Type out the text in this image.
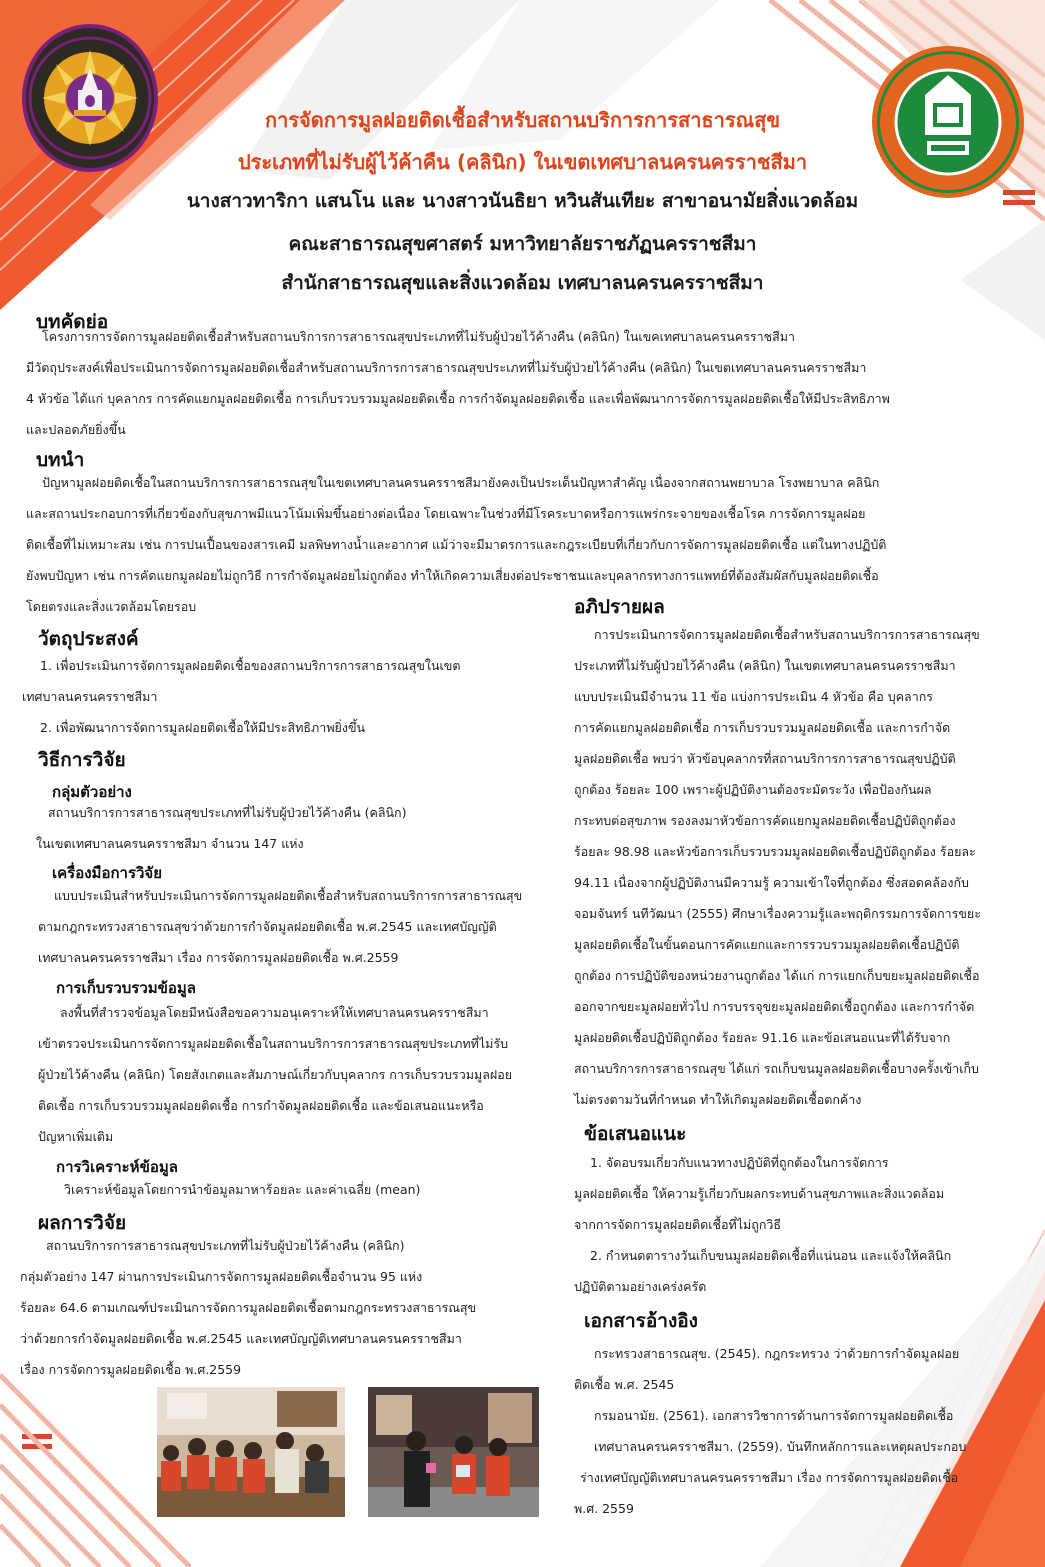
การจัดการมูลฝอยติดเชื้อสำหรับสถานบริการการสาธารณสุข
ประเภทที่ไม่รับผู้ไว้ค้าคืน (คลินิก) ในเขตเทศบาลนครนครราชสีมา
นางสาวทาริกา แสนโน และ นางสาวนันธิยา หวินสันเทียะ สาขาอนามัยสิ่งแวดล้อม
คณะสาธารณสุขศาสตร์ มหาวิทยาลัยราชภัฏนครราชสีมา
สำนักสาธารณสุขและสิ่งแวดล้อม เทศบาลนครนครราชสีมา
บทคัดย่อ
โครงการการจัดการมูลฝอยติดเชื้อสำหรับสถานบริการการสาธารณสุขประเภทที่ไม่รับผู้ป่วยไว้ค้างคืน (คลินิก) ในเขคเทศบาลนครนครราชสีมา
มีวัตถุประสงค์เพื่อประเมินการจัดการมูลฝอยติดเชื้อสำหรับสถานบริการการสาธารณสุขประเภทที่ไม่รับผู้ป่วยไว้ค้างคืน (คลินิก) ในเขตเทศบาลนครนครราชสีมา
4 หัวข้อ ได้แก่ บุคลากร การคัดแยกมูลฝอยติดเชื้อ การเก็บรวบรวมมูลฝอยติดเชื้อ การกำจัดมูลฝอยติดเชื้อ และเพื่อพัฒนาการจัดการมูลฝอยติดเชื้อให้มีประสิทธิภาพ
และปลอดภัยยิ่งขึ้น
บทนำ
ปัญหามูลฝอยติดเชื้อในสถานบริการการสาธารณสุขในเขตเทศบาลนครนครราชสีมายังคงเป็นประเด็นปัญหาสำคัญ เนื่องจากสถานพยาบาล โรงพยาบาล คลินิก
และสถานประกอบการที่เกี่ยวข้องกับสุขภาพมีแนวโน้มเพิ่มขึ้นอย่างต่อเนื่อง โดยเฉพาะในช่วงที่มีโรคระบาดหรือการแพร่กระจายของเชื้อโรค การจัดการมูลฝอย
ติดเชื้อที่ไม่เหมาะสม เช่น การปนเปื้อนของสารเคมี มลพิษทางน้ำและอากาศ แม้ว่าจะมีมาตรการและกฎระเบียบที่เกี่ยวกับการจัดการมูลฝอยติดเชื้อ แต่ในทางปฏิบัติ
ยังพบปัญหา เช่น การคัดแยกมูลฝอยไม่ถูกวิธี การกำจัดมูลฝอยไม่ถูกต้อง ทำให้เกิดความเสี่ยงต่อประชาชนและบุคลากรทางการแพทย์ที่ต้องสัมผัสกับมูลฝอยติดเชื้อ
โดยตรงและสิ่งแวดล้อมโดยรอบ
วัตถุประสงค์
1. เพื่อประเมินการจัดการมูลฝอยติดเชื้อของสถานบริการการสาธารณสุขในเขต
เทศบาลนครนครราชสีมา
2. เพื่อพัฒนาการจัดการมูลฝอยติดเชื้อให้มีประสิทธิภาพยิ่งขึ้น
วิธีการวิจัย
กลุ่มตัวอย่าง
สถานบริการการสาธารณสุขประเภทที่ไม่รับผู้ป่วยไว้ค้างคืน (คลินิก)
ในเขตเทศบาลนครนครราชสีมา จำนวน 147 แห่ง
เครื่องมือการวิจัย
แบบประเมินสำหรับประเมินการจัดการมูลฝอยติดเชื้อสำหรับสถานบริการการสาธารณสุข
ตามกฎกระทรวงสาธารณสุขว่าด้วยการกำจัดมูลฝอยติดเชื้อ พ.ศ.2545 และเทศบัญญัติ
เทศบาลนครนครราชสีมา เรื่อง การจัดการมูลฝอยติดเชื้อ พ.ศ.2559
การเก็บรวบรวมข้อมูล
ลงพื้นที่สำรวจข้อมูลโดยมีหนังสือขอความอนุเคราะห์ให้เทศบาลนครนครราชสีมา
เข้าตรวจประเมินการจัดการมูลฝอยติดเชื้อในสถานบริการการสาธารณสุขประเภทที่ไม่รับ
ผู้ป่วยไว้ค้างคืน (คลินิก) โดยสังเกตและสัมภาษณ์เกี่ยวกับบุคลากร การเก็บรวบรวมมูลฝอย
ติดเชื้อ การเก็บรวบรวมมูลฝอยติดเชื้อ การกำจัดมูลฝอยติดเชื้อ และข้อเสนอแนะหรือ
ปัญหาเพิ่มเติม
การวิเคราะห์ข้อมูล
วิเคราะห์ข้อมูลโดยการนำข้อมูลมาหาร้อยละ และค่าเฉลี่ย (mean)
ผลการวิจัย
สถานบริการการสาธารณสุขประเภทที่ไม่รับผู้ป่วยไว้ค้างคืน (คลินิก)
กลุ่มตัวอย่าง 147 ผ่านการประเมินการจัดการมูลฝอยติดเชื้อจำนวน 95 แห่ง
ร้อยละ 64.6 ตามเกณฑ์ประเมินการจัดการมูลฝอยติดเชื้อตามกฎกระทรวงสาธารณสุข
ว่าด้วยการกำจัดมูลฝอยติดเชื้อ พ.ศ.2545 และเทศบัญญัติเทศบาลนครนครราชสีมา
เรื่อง การจัดการมูลฝอยติดเชื้อ พ.ศ.2559
อภิปรายผล
การประเมินการจัดการมูลฝอยติดเชื้อสำหรับสถานบริการการสาธารณสุข
ประเภทที่ไม่รับผู้ป่วยไว้ค้างคืน (คลินิก) ในเขตเทศบาลนครนครราชสีมา
แบบประเมินมีจำนวน 11 ข้อ แบ่งการประเมิน 4 หัวข้อ คือ บุคลากร
การคัดแยกมูลฝอยติดเชื้อ การเก็บรวบรวมมูลฝอยติดเชื้อ และการกำจัด
มูลฝอยติดเชื้อ พบว่า หัวข้อบุคลากรที่สถานบริการการสาธารณสุขปฏิบัติ
ถูกต้อง ร้อยละ 100 เพราะผู้ปฏิบัติงานต้องระมัดระวัง เพื่อป้องกันผล
กระทบต่อสุขภาพ รองลงมาหัวข้อการคัดแยกมูลฝอยติดเชื้อปฏิบัติถูกต้อง
ร้อยละ 98.98 และหัวข้อการเก็บรวบรวมมูลฝอยติดเชื้อปฏิบัติถูกต้อง ร้อยละ
94.11 เนื่องจากผู้ปฏิบัติงานมีความรู้ ความเข้าใจที่ถูกต้อง ซึ่งสอดคล้องกับ
จอมจันทร์ นทีวัฒนา (2555) ศึกษาเรื่องความรู้และพฤติกรรมการจัดการขยะ
มูลฝอยติดเชื้อในขั้นตอนการคัดแยกและการรวบรวมมูลฝอยติดเชื้อปฏิบัติ
ถูกต้อง การปฏิบัติของหน่วยงานถูกต้อง ได้แก่ การแยกเก็บขยะมูลฝอยติดเชื้อ
ออกจากขยะมูลฝอยทั่วไป การบรรจุขยะมูลฝอยติดเชื้อถูกต้อง และการกำจัด
มูลฝอยติดเชื้อปฏิบัติถูกต้อง ร้อยละ 91.16 และข้อเสนอแนะที่ได้รับจาก
สถานบริการการสาธารณสุข ได้แก่ รถเก็บขนมูลลฝอยติดเชื้อบางครั้งเข้าเก็บ
ไม่ตรงตามวันที่กำหนด ทำให้เกิดมูลฝอยติดเชื้อตกค้าง
ข้อเสนอแนะ
1. จัดอบรมเกี่ยวกับแนวทางปฏิบัติที่ถูกต้องในการจัดการ
มูลฝอยติดเชื้อ ให้ความรู้เกี่ยวกับผลกระทบด้านสุขภาพและสิ่งแวดล้อม
จากการจัดการมูลฝอยติดเชื้อที่ไม่ถูกวิธี
2. กำหนดตารางวันเก็บขนมูลฝอยติดเชื้อที่แน่นอน และแจ้งให้คลินิก
ปฏิบัติตามอย่างเคร่งครัด
เอกสารอ้างอิง
กระทรวงสาธารณสุข. (2545). กฎกระทรวง ว่าด้วยการกำจัดมูลฝอย
ติดเชื้อ พ.ศ. 2545
กรมอนามัย. (2561). เอกสารวิชาการด้านการจัดการมูลฝอยติดเชื้อ
เทศบาลนครนครราชสีมา. (2559). บันทึกหลักการและเหตุผลประกอบ
ร่างเทศบัญญัติเทศบาลนครนครราชสีมา เรื่อง การจัดการมูลฝอยติดเชื้อ
พ.ศ. 2559
